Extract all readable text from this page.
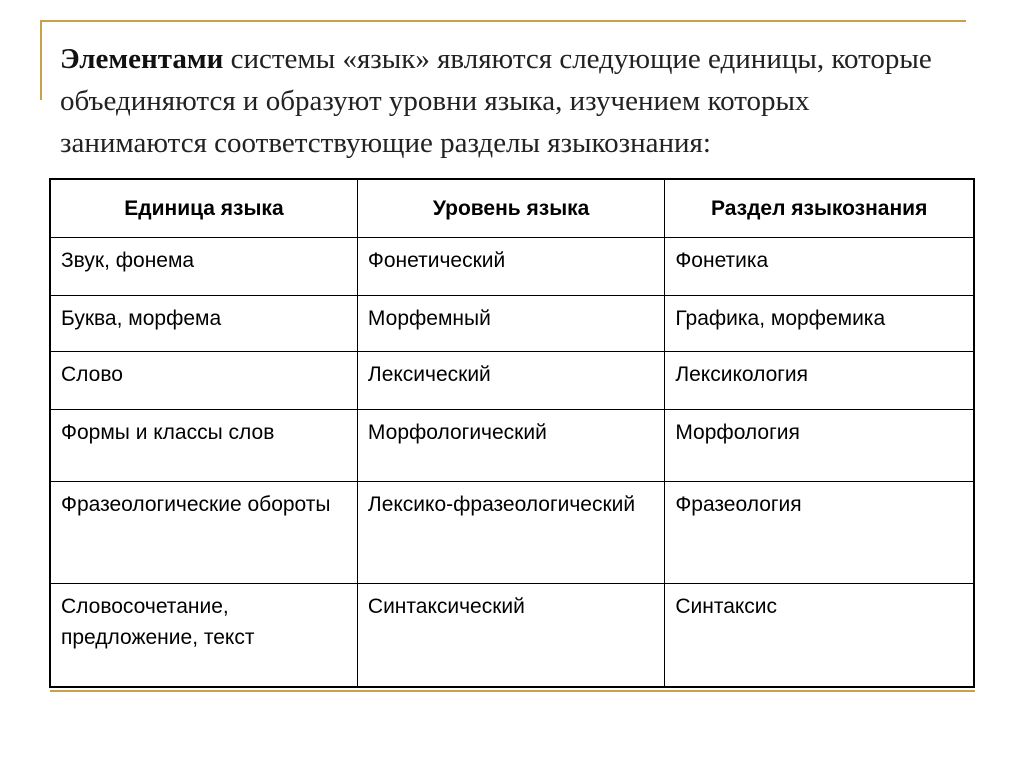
Элементами системы «язык» являются следующие единицы, которые объединяются и образуют уровни языка, изучением которых занимаются соответствующие разделы языкознания:
Единица языка	Уровень языка	Раздел языкознания
Звук, фонема	Фонетический	Фонетика
Буква, морфема	Морфемный	Графика, морфемика
Слово	Лексический	Лексикология
Формы и классы слов	Морфологический	Морфология
Фразеологические обороты	Лексико-фразеологический	Фразеология
Словосочетание, предложение, текст	Синтаксический	Синтаксис
